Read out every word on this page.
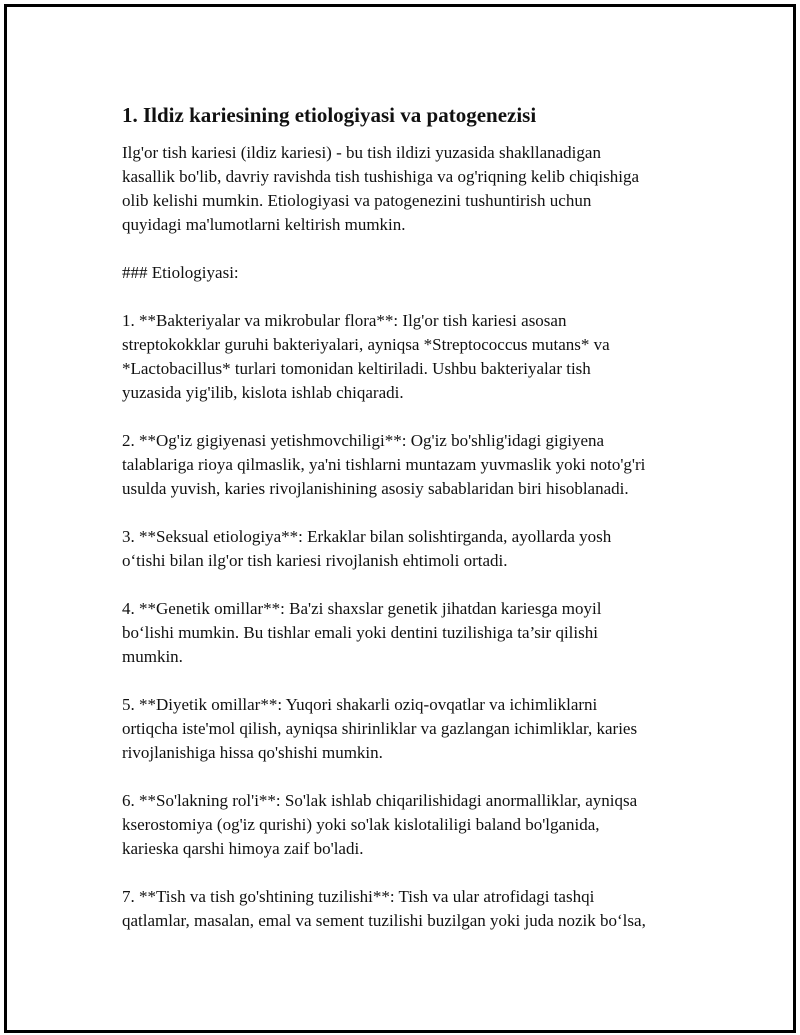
1. Ildiz kariesining etiologiyasi va patogenezisi

Ilg'or tish kariesi (ildiz kariesi) - bu tish ildizi yuzasida shakllanadigan
kasallik bo'lib, davriy ravishda tish tushishiga va og'riqning kelib chiqishiga
olib kelishi mumkin. Etiologiyasi va patogenezini tushuntirish uchun
quyidagi ma'lumotlarni keltirish mumkin.

### Etiologiyasi:

1. **Bakteriyalar va mikrobular flora**: Ilg'or tish kariesi asosan
streptokokklar guruhi bakteriyalari, ayniqsa *Streptococcus mutans* va
*Lactobacillus* turlari tomonidan keltiriladi. Ushbu bakteriyalar tish
yuzasida yig'ilib, kislota ishlab chiqaradi.

2. **Og'iz gigiyenasi yetishmovchiligi**: Og'iz bo'shlig'idagi gigiyena
talablariga rioya qilmaslik, ya'ni tishlarni muntazam yuvmaslik yoki noto'g'ri
usulda yuvish, karies rivojlanishining asosiy sabablaridan biri hisoblanadi.

3. **Seksual etiologiya**: Erkaklar bilan solishtirganda, ayollarda yosh
o‘tishi bilan ilg'or tish kariesi rivojlanish ehtimoli ortadi.

4. **Genetik omillar**: Ba'zi shaxslar genetik jihatdan kariesga moyil
bo‘lishi mumkin. Bu tishlar emali yoki dentini tuzilishiga ta’sir qilishi
mumkin.

5. **Diyetik omillar**: Yuqori shakarli oziq-ovqatlar va ichimliklarni
ortiqcha iste'mol qilish, ayniqsa shirinliklar va gazlangan ichimliklar, karies
rivojlanishiga hissa qo'shishi mumkin.

6. **So'lakning rol'i**: So'lak ishlab chiqarilishidagi anormalliklar, ayniqsa
kserostomiya (og'iz qurishi) yoki so'lak kislotaliligi baland bo'lganida,
karieska qarshi himoya zaif bo'ladi.

7. **Tish va tish go'shtining tuzilishi**: Tish va ular atrofidagi tashqi
qatlamlar, masalan, emal va sement tuzilishi buzilgan yoki juda nozik bo‘lsa,
